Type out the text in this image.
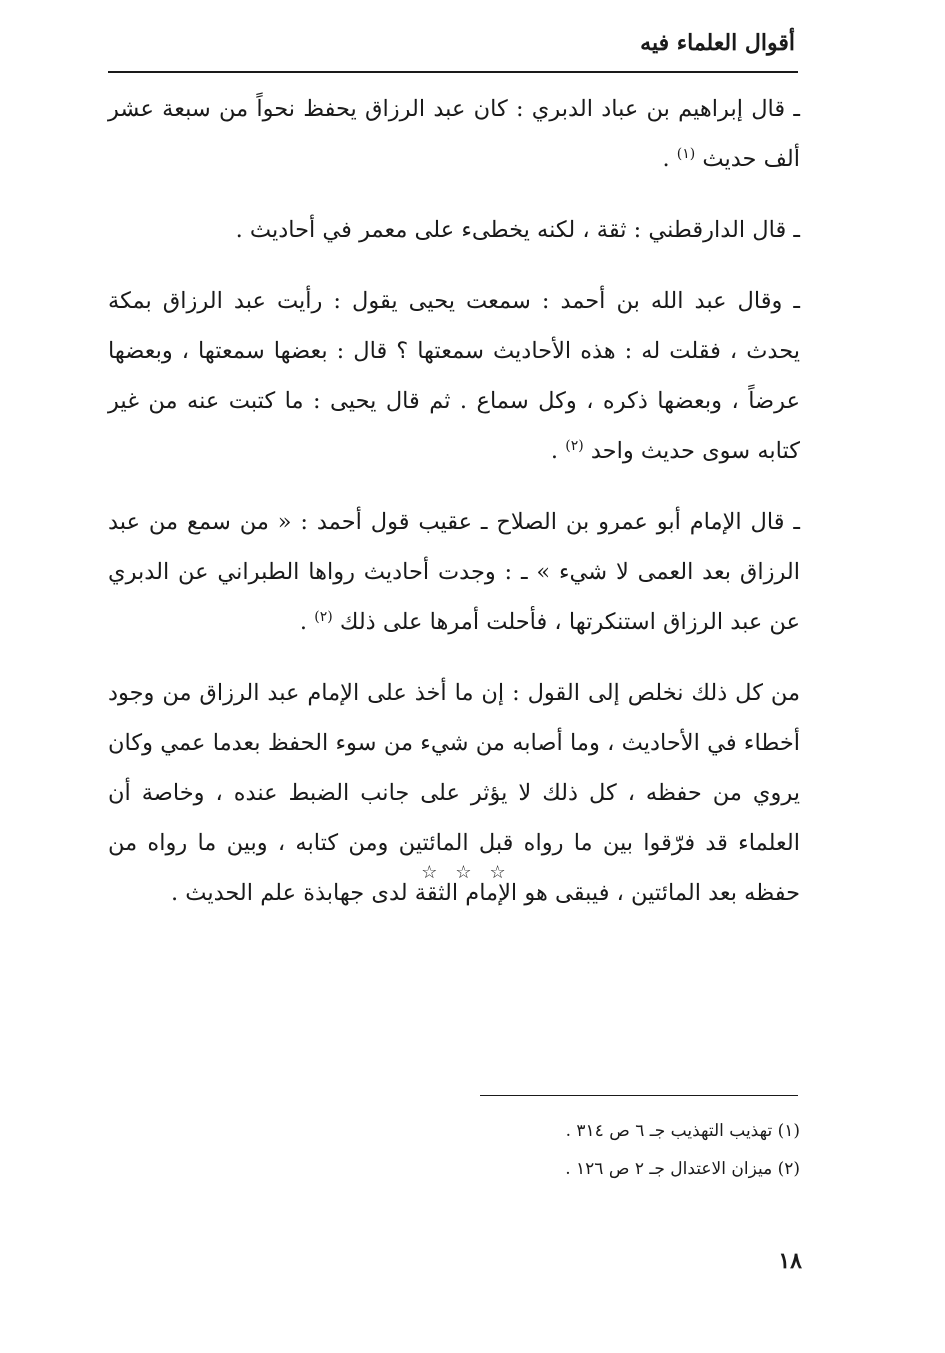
أقوال العلماء فيه

ـ قال إبراهيم بن عباد الدبري : كان عبد الرزاق يحفظ نحواً من سبعة عشر ألف حديث $^{(١)}$ .

ـ قال الدارقطني : ثقة ، لكنه يخطىء على معمر في أحاديث .

ـ وقال عبد الله بن أحمد : سمعت يحيى يقول : رأيت عبد الرزاق بمكة يحدث ، فقلت له : هذه الأحاديث سمعتها ؟ قال : بعضها سمعتها ، وبعضها عرضاً ، وبعضها ذكره ، وكل سماع . ثم قال يحيى : ما كتبت عنه من غير كتابه سوى حديث واحد $^{(٢)}$ .

ـ قال الإمام أبو عمرو بن الصلاح ـ عقيب قول أحمد : « من سمع من عبد الرزاق بعد العمى لا شيء » ـ : وجدت أحاديث رواها الطبراني عن الدبري عن عبد الرزاق استنكرتها ، فأحلت أمرها على ذلك $^{(٢)}$ .

من كل ذلك نخلص إلى القول : إن ما أخذ على الإمام عبد الرزاق من وجود أخطاء في الأحاديث ، وما أصابه من شيء من سوء الحفظ بعدما عمي وكان يروي من حفظه ، كل ذلك لا يؤثر على جانب الضبط عنده ، وخاصة أن العلماء قد فرّقوا بين ما رواه قبل المائتين ومن كتابه ، وبين ما رواه من حفظه بعد المائتين ، فيبقى هو الإمام الثقة لدى جهابذة علم الحديث .

☆☆☆

(١) تهذيب التهذيب جـ ٦ ص ٣١٤ .

(٢) ميزان الاعتدال جـ ٢ ص ١٢٦ .

١٨
